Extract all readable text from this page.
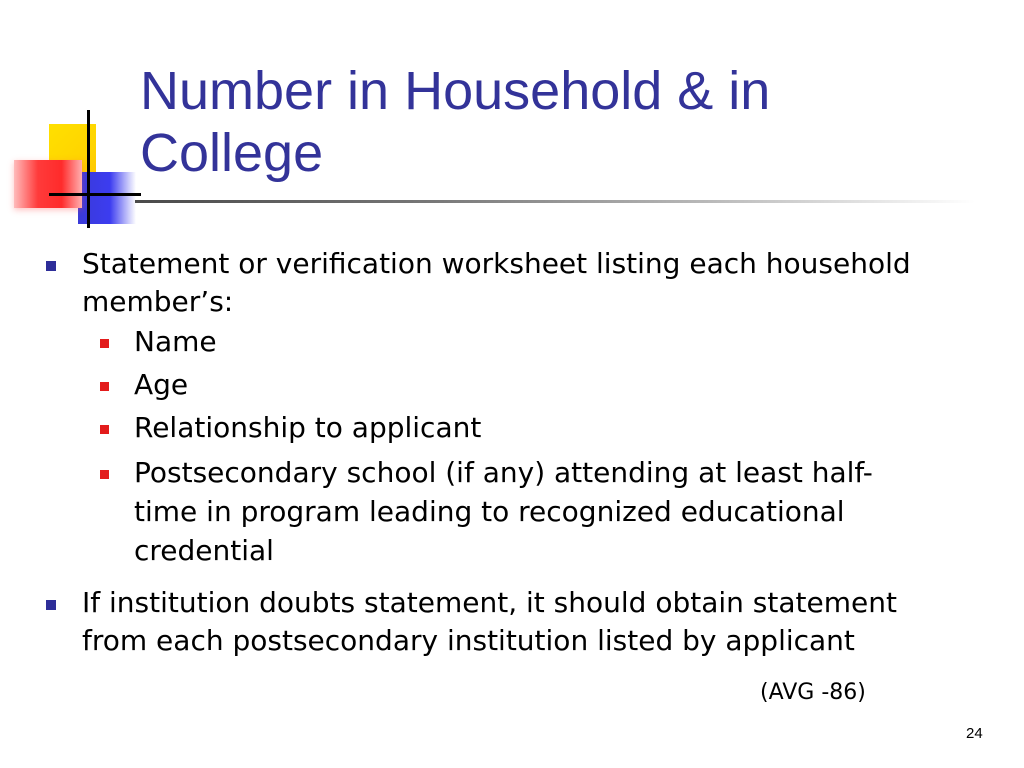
Number in Household & in
College
Statement or verification worksheet listing each household
member’s:
Name
Age
Relationship to applicant
Postsecondary school (if any) attending at least half-
time in program leading to recognized educational
credential
If institution doubts statement, it should obtain statement
from each postsecondary institution listed by applicant
(AVG -86)
24
